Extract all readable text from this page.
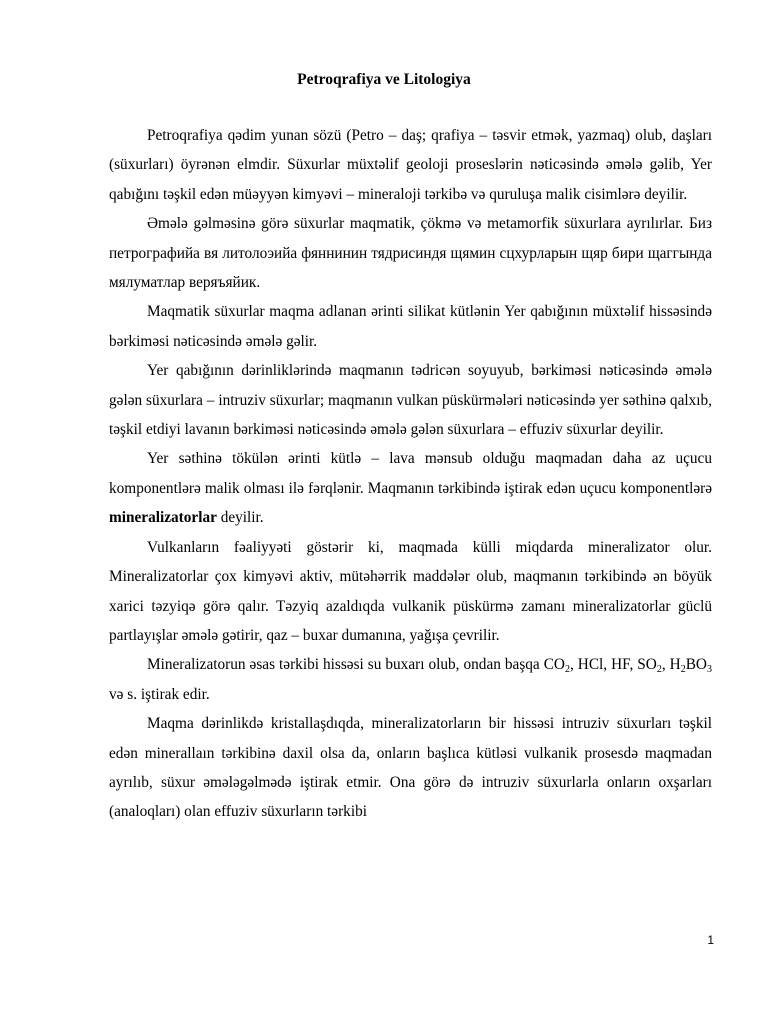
Petroqrafiya ve Litologiya

Petroqrafiya qədim yunan sözü (Petro – daş; qrafiya – təsvir etmək, yazmaq) olub, daşları (süxurları) öyrənən elmdir. Süxurlar müxtəlif geoloji proseslərin nəticəsində əmələ gəlib, Yer qabığını təşkil edən müəyyən kimyəvi – mineraloji tərkibə və quruluşa malik cisimlərə deyilir.

Əmələ gəlməsinə görə süxurlar maqmatik, çökmə və metamorfik süxurlara ayrılırlar. Биз петрографийа вя литолоэийа фяннинин тядрисиндя щямин сцхурларын щяр бири щаггында мялуматлар веряъяйик.

Maqmatik süxurlar maqma adlanan ərinti silikat kütlənin Yer qabığının müxtəlif hissəsində bərkiməsi nəticəsində əmələ gəlir.

Yer qabığının dərinliklərində maqmanın tədricən soyuyub, bərkiməsi nəticəsində əmələ gələn süxurlara – intruziv süxurlar; maqmanın vulkan püskürmələri nəticəsində yer səthinə qalxıb, təşkil etdiyi lavanın bərkiməsi nəticəsində əmələ gələn süxurlara – effuziv süxurlar deyilir.

Yer səthinə tökülən ərinti kütlə – lava mənsub olduğu maqmadan daha az uçucu komponentlərə malik olması ilə fərqlənir. Maqmanın tərkibində iştirak edən uçucu komponentlərə mineralizatorlar deyilir.

Vulkanların fəaliyyəti göstərir ki, maqmada külli miqdarda mineralizator olur. Mineralizatorlar çox kimyəvi aktiv, mütəhərrik maddələr olub, maqmanın tərkibində ən böyük xarici təzyiqə görə qalır. Təzyiq azaldıqda vulkanik püskürmə zamanı mineralizatorlar güclü partlayışlar əmələ gətirir, qaz – buxar dumanına, yağışa çevrilir.

Mineralizatorun əsas tərkibi hissəsi su buxarı olub, ondan başqa $CO_2$, HCl, HF, $SO_2$, $H_2BO_3$ və s. iştirak edir.

Maqma dərinlikdə kristallaşdıqda, mineralizatorların bir hissəsi intruziv süxurları təşkil edən minerallaın tərkibinə daxil olsa da, onların başlıca kütləsi vulkanik prosesdə maqmadan ayrılıb, süxur əmələgəlmədə iştirak etmir. Ona görə də intruziv süxurlarla onların oxşarları (analoqları) olan effuziv süxurların tərkibi

1
